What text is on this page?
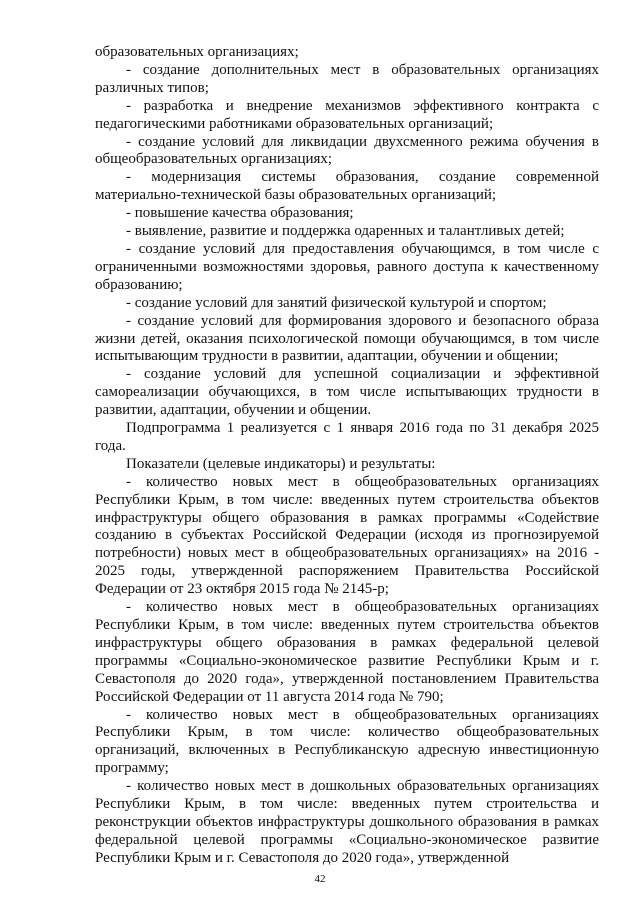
образовательных организациях;

- создание дополнительных мест в образовательных организациях различных типов;

- разработка и внедрение механизмов эффективного контракта с педагогическими работниками образовательных организаций;

- создание условий для ликвидации двухсменного режима обучения в общеобразовательных организациях;

- модернизация системы образования, создание современной материально-технической базы образовательных организаций;

- повышение качества образования;

- выявление, развитие и поддержка одаренных и талантливых детей;

- создание условий для предоставления обучающимся, в том числе с ограниченными возможностями здоровья, равного доступа к качественному образованию;

- создание условий для занятий физической культурой и спортом;

- создание условий для формирования здорового и безопасного образа жизни детей, оказания психологической помощи обучающимся, в том числе испытывающим трудности в развитии, адаптации, обучении и общении;

- создание условий для успешной социализации и эффективной самореализации обучающихся, в том числе испытывающих трудности в развитии, адаптации, обучении и общении.

Подпрограмма 1 реализуется с 1 января 2016 года по 31 декабря 2025 года.

Показатели (целевые индикаторы) и результаты:

- количество новых мест в общеобразовательных организациях Республики Крым, в том числе: введенных путем строительства объектов инфраструктуры общего образования в рамках программы «Содействие созданию в субъектах Российской Федерации (исходя из прогнозируемой потребности) новых мест в общеобразовательных организациях» на 2016 - 2025 годы, утвержденной распоряжением Правительства Российской Федерации от 23 октября 2015 года № 2145-р;

- количество новых мест в общеобразовательных организациях Республики Крым, в том числе: введенных путем строительства объектов инфраструктуры общего образования в рамках федеральной целевой программы «Социально-экономическое развитие Республики Крым и г. Севастополя до 2020 года», утвержденной постановлением Правительства Российской Федерации от 11 августа 2014 года № 790;

- количество новых мест в общеобразовательных организациях Республики Крым, в том числе: количество общеобразовательных организаций, включенных в Республиканскую адресную инвестиционную программу;

- количество новых мест в дошкольных образовательных организациях Республики Крым, в том числе: введенных путем строительства и реконструкции объектов инфраструктуры дошкольного образования в рамках федеральной целевой программы «Социально-экономическое развитие Республики Крым и г. Севастополя до 2020 года», утвержденной

42
